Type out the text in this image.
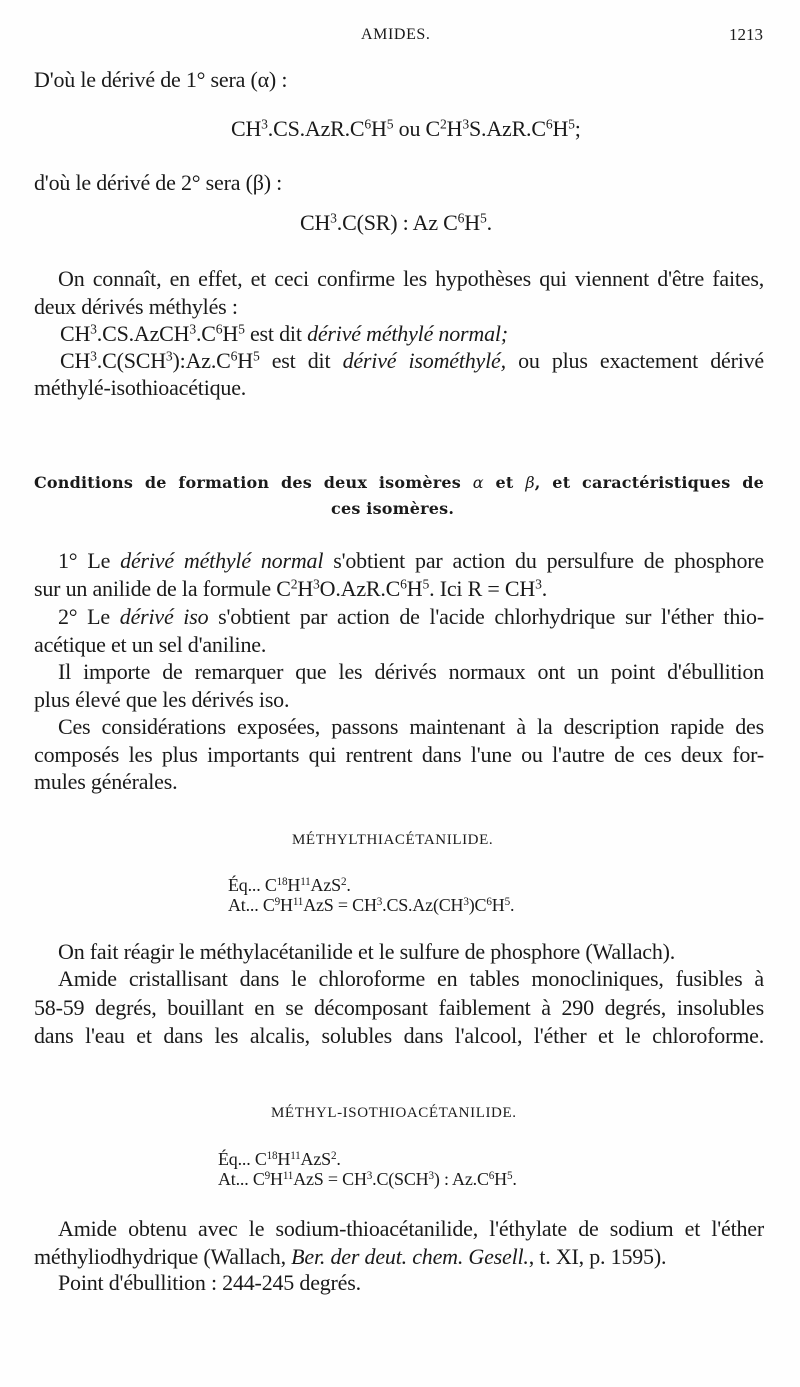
AMIDES.	1213
D'où le dérivé de 1° sera (α) :
$CH^3.CS.AzR.C^6H^5$ ou $C^2H^3S.AzR.C^6H^5$;
d'où le dérivé de 2° sera (β) :
$CH^3.C(SR)$ : Az $C^6H^5$.
On connaît, en effet, et ceci confirme les hypothèses qui viennent d'être faites,
deux dérivés méthylés :
$CH^3.CS.AzCH^3.C^6H^5$ est dit dérivé méthylé normal;
$CH^3.C(SCH^3):Az.C^6H^5$ est dit dérivé isométhylé, ou plus exactement dérivé
méthylé-isothioacétique.
Conditions de formation des deux isomères α et β, et caractéristiques de
ces isomères.
1° Le dérivé méthylé normal s'obtient par action du persulfure de phosphore
sur un anilide de la formule $C^2H^3O.AzR.C^6H^5$. Ici $R = CH^3$.
2° Le dérivé iso s'obtient par action de l'acide chlorhydrique sur l'éther thio-
acétique et un sel d'aniline.
Il importe de remarquer que les dérivés normaux ont un point d'ébullition
plus élevé que les dérivés iso.
Ces considérations exposées, passons maintenant à la description rapide des
composés les plus importants qui rentrent dans l'une ou l'autre de ces deux for-
mules générales.
MÉTHYLTHIACÉTANILIDE.
Éq... $C^{18}H^{11}AzS^2$.
At... $C^9H^{11}AzS = CH^3.CS.Az(CH^3)C^6H^5$.
On fait réagir le méthylacétanilide et le sulfure de phosphore (Wallach).
Amide cristallisant dans le chloroforme en tables monocliniques, fusibles à
58-59 degrés, bouillant en se décomposant faiblement à 290 degrés, insolubles
dans l'eau et dans les alcalis, solubles dans l'alcool, l'éther et le chloroforme.
MÉTHYL-ISOTHIOACÉTANILIDE.
Éq... $C^{18}H^{11}AzS^2$.
At... $C^9H^{11}AzS = CH^3.C(SCH^3)$ : $Az.C^6H^5$.
Amide obtenu avec le sodium-thioacétanilide, l'éthylate de sodium et l'éther
méthyliodhydrique (Wallach, Ber. der deut. chem. Gesell., t. XI, p. 1595).
Point d'ébullition : 244-245 degrés.
